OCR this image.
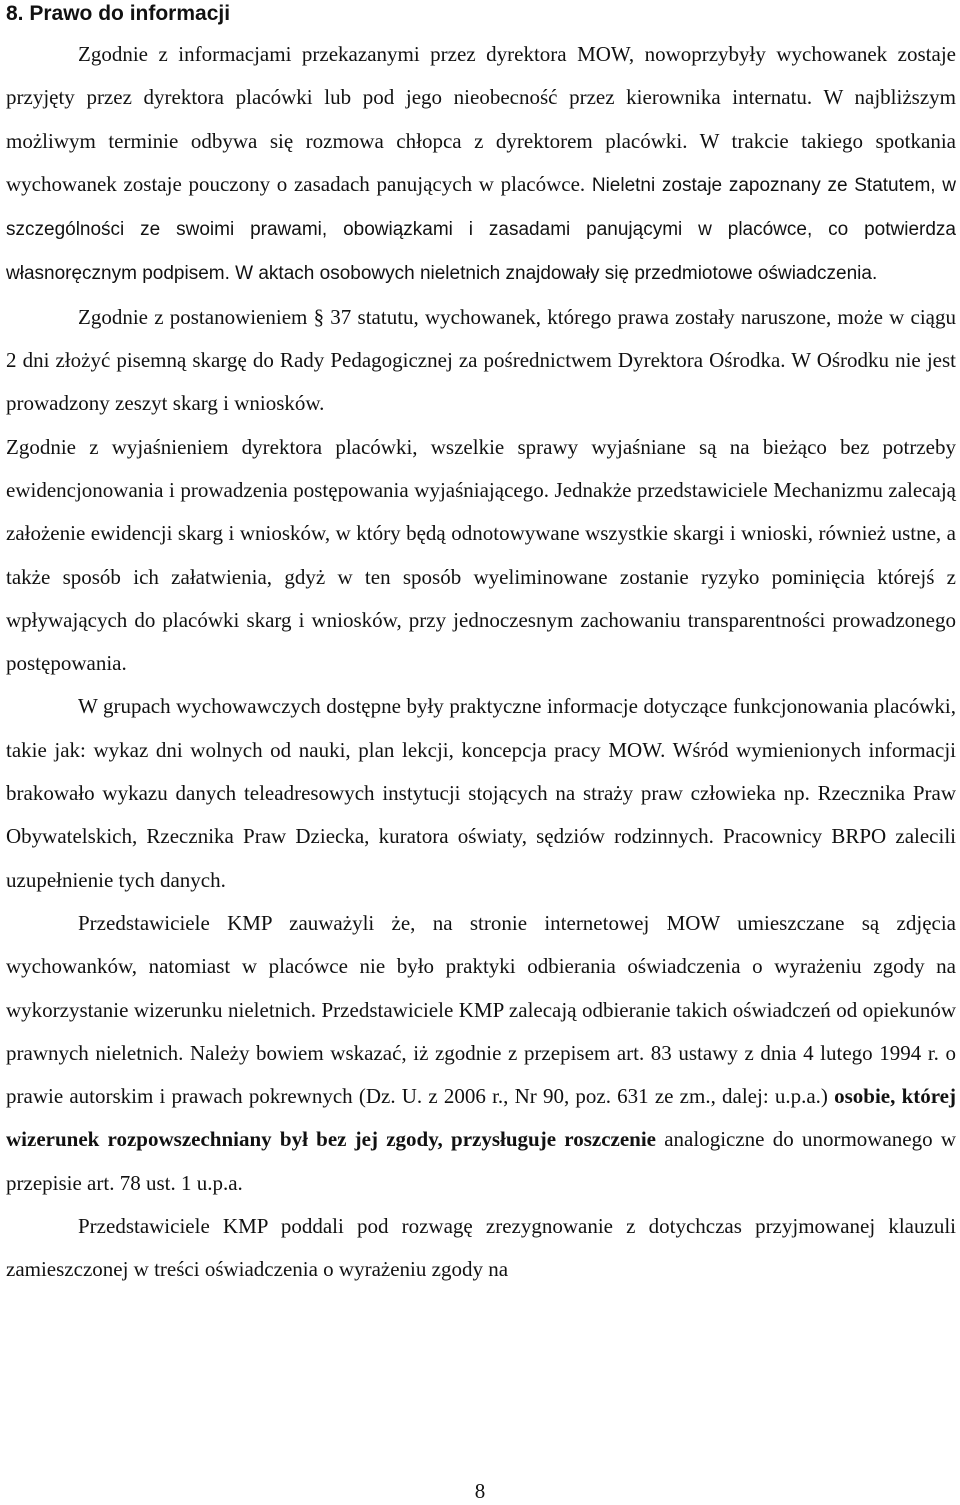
8. Prawo do informacji

Zgodnie z informacjami przekazanymi przez dyrektora MOW, nowoprzybyły wychowanek zostaje przyjęty przez dyrektora placówki lub pod jego nieobecność przez kierownika internatu. W najbliższym możliwym terminie odbywa się rozmowa chłopca z dyrektorem placówki. W trakcie takiego spotkania wychowanek zostaje pouczony o zasadach panujących w placówce. Nieletni zostaje zapoznany ze Statutem, w szczególności ze swoimi prawami, obowiązkami i zasadami panującymi w placówce, co potwierdza własnoręcznym podpisem. W aktach osobowych nieletnich znajdowały się przedmiotowe oświadczenia.

Zgodnie z postanowieniem § 37 statutu, wychowanek, którego prawa zostały naruszone, może w ciągu 2 dni złożyć pisemną skargę do Rady Pedagogicznej za pośrednictwem Dyrektora Ośrodka. W Ośrodku nie jest prowadzony zeszyt skarg i wniosków.

Zgodnie z wyjaśnieniem dyrektora placówki, wszelkie sprawy wyjaśniane są na bieżąco bez potrzeby ewidencjonowania i prowadzenia postępowania wyjaśniającego. Jednakże przedstawiciele Mechanizmu zalecają założenie ewidencji skarg i wniosków, w który będą odnotowywane wszystkie skargi i wnioski, również ustne, a także sposób ich załatwienia, gdyż w ten sposób wyeliminowane zostanie ryzyko pominięcia którejś z wpływających do placówki skarg i wniosków, przy jednoczesnym zachowaniu transparentności prowadzonego postępowania.

W grupach wychowawczych dostępne były praktyczne informacje dotyczące funkcjonowania placówki, takie jak: wykaz dni wolnych od nauki, plan lekcji, koncepcja pracy MOW. Wśród wymienionych informacji brakowało wykazu danych teleadresowych instytucji stojących na straży praw człowieka np. Rzecznika Praw Obywatelskich, Rzecznika Praw Dziecka, kuratora oświaty, sędziów rodzinnych. Pracownicy BRPO zalecili uzupełnienie tych danych.

Przedstawiciele KMP zauważyli że, na stronie internetowej MOW umieszczane są zdjęcia wychowanków, natomiast w placówce nie było praktyki odbierania oświadczenia o wyrażeniu zgody na wykorzystanie wizerunku nieletnich. Przedstawiciele KMP zalecają odbieranie takich oświadczeń od opiekunów prawnych nieletnich. Należy bowiem wskazać, iż zgodnie z przepisem art. 83 ustawy z dnia 4 lutego 1994 r. o prawie autorskim i prawach pokrewnych (Dz. U. z 2006 r., Nr 90, poz. 631 ze zm., dalej: u.p.a.) osobie, której wizerunek rozpowszechniany był bez jej zgody, przysługuje roszczenie analogiczne do unormowanego w przepisie art. 78 ust. 1 u.p.a.

Przedstawiciele KMP poddali pod rozwagę zrezygnowanie z dotychczas przyjmowanej klauzuli zamieszczonej w treści oświadczenia o wyrażeniu zgody na

8
